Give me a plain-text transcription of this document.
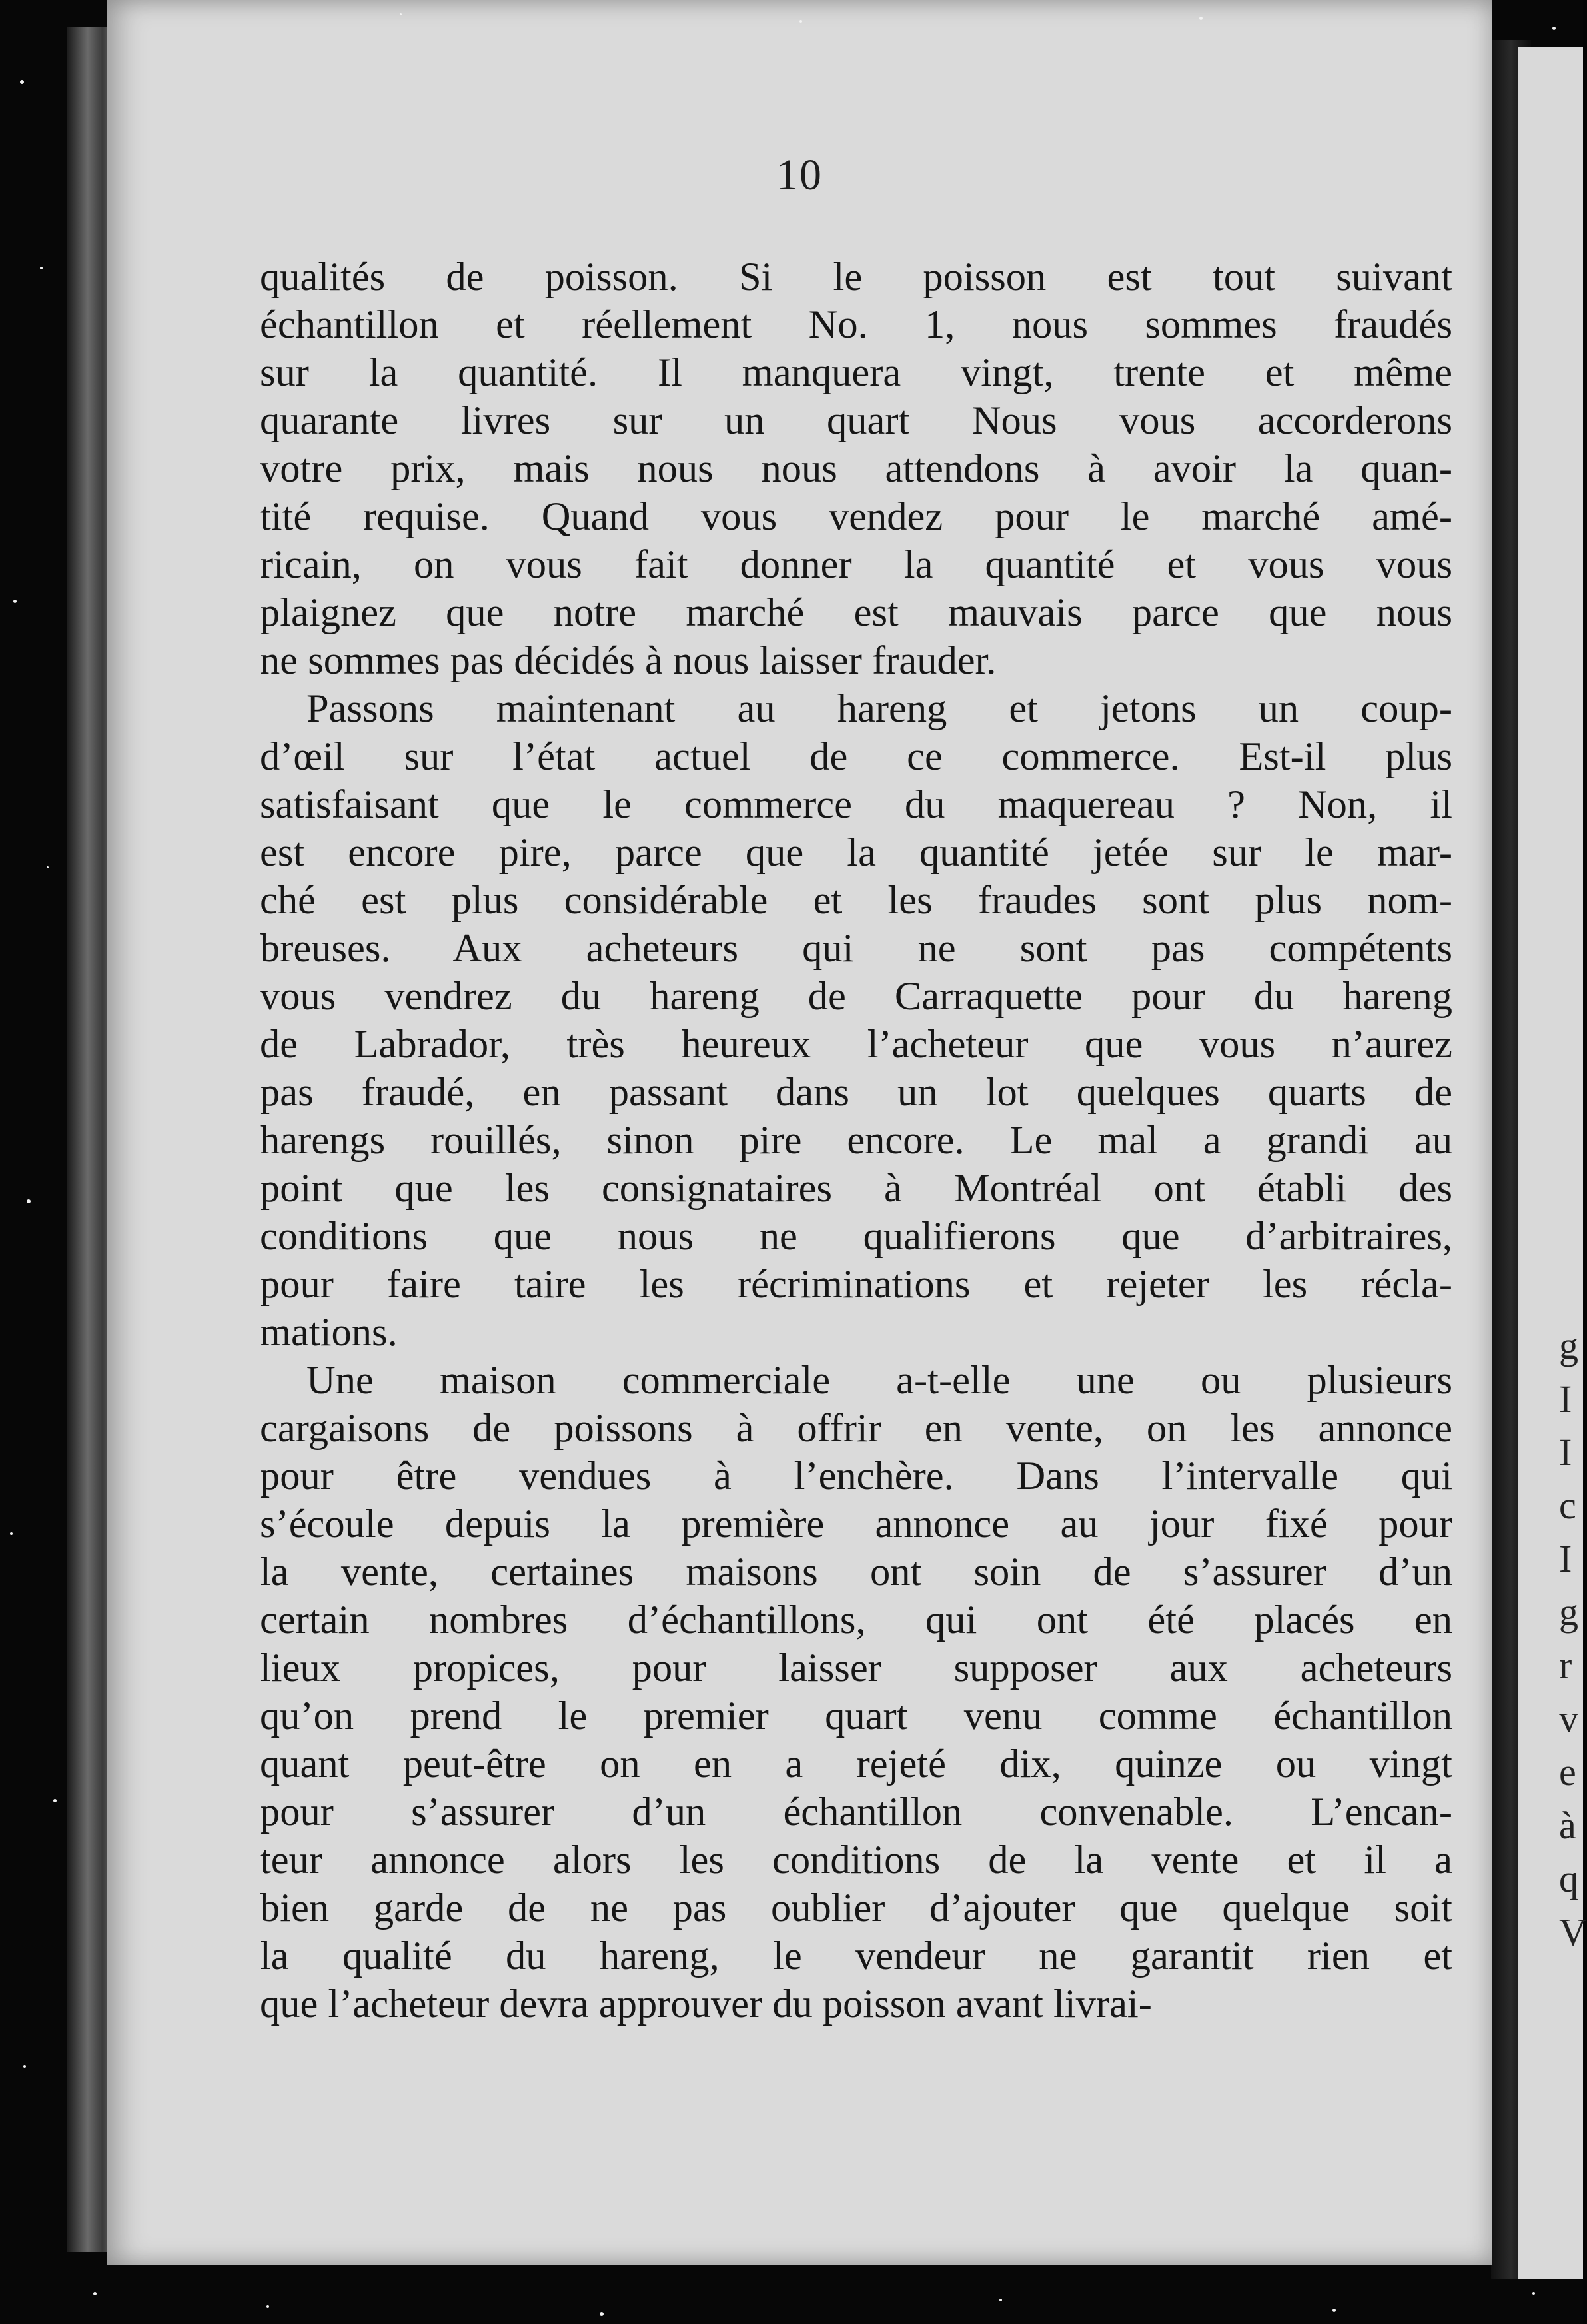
g
I
I
c
I
g
r
v
e
à
q
V
10
qualités de poisson. Si le poisson est tout suivant
échantillon et réellement No. 1, nous sommes fraudés
sur la quantité. Il manquera vingt, trente et même
quarante livres sur un quart Nous vous accorderons
votre prix, mais nous nous attendons à avoir la quan-
tité requise. Quand vous vendez pour le marché amé-
ricain, on vous fait donner la quantité et vous vous
plaignez que notre marché est mauvais parce que nous
ne sommes pas décidés à nous laisser frauder.
Passons maintenant au hareng et jetons un coup-
d’œil sur l’état actuel de ce commerce. Est-il plus
satisfaisant que le commerce du maquereau ? Non, il
est encore pire, parce que la quantité jetée sur le mar-
ché est plus considérable et les fraudes sont plus nom-
breuses. Aux acheteurs qui ne sont pas compétents
vous vendrez du hareng de Carraquette pour du hareng
de Labrador, très heureux l’acheteur que vous n’aurez
pas fraudé, en passant dans un lot quelques quarts de
harengs rouillés, sinon pire encore. Le mal a grandi au
point que les consignataires à Montréal ont établi des
conditions que nous ne qualifierons que d’arbitraires,
pour faire taire les récriminations et rejeter les récla-
mations.
Une maison commerciale a-t-elle une ou plusieurs
cargaisons de poissons à offrir en vente, on les annonce
pour être vendues à l’enchère. Dans l’intervalle qui
s’écoule depuis la première annonce au jour fixé pour
la vente, certaines maisons ont soin de s’assurer d’un
certain nombres d’échantillons, qui ont été placés en
lieux propices, pour laisser supposer aux acheteurs
qu’on prend le premier quart venu comme échantillon
quant peut-être on en a rejeté dix, quinze ou vingt
pour s’assurer d’un échantillon convenable. L’encan-
teur annonce alors les conditions de la vente et il a
bien garde de ne pas oublier d’ajouter que quelque soit
la qualité du hareng, le vendeur ne garantit rien et
que l’acheteur devra approuver du poisson avant livrai-
